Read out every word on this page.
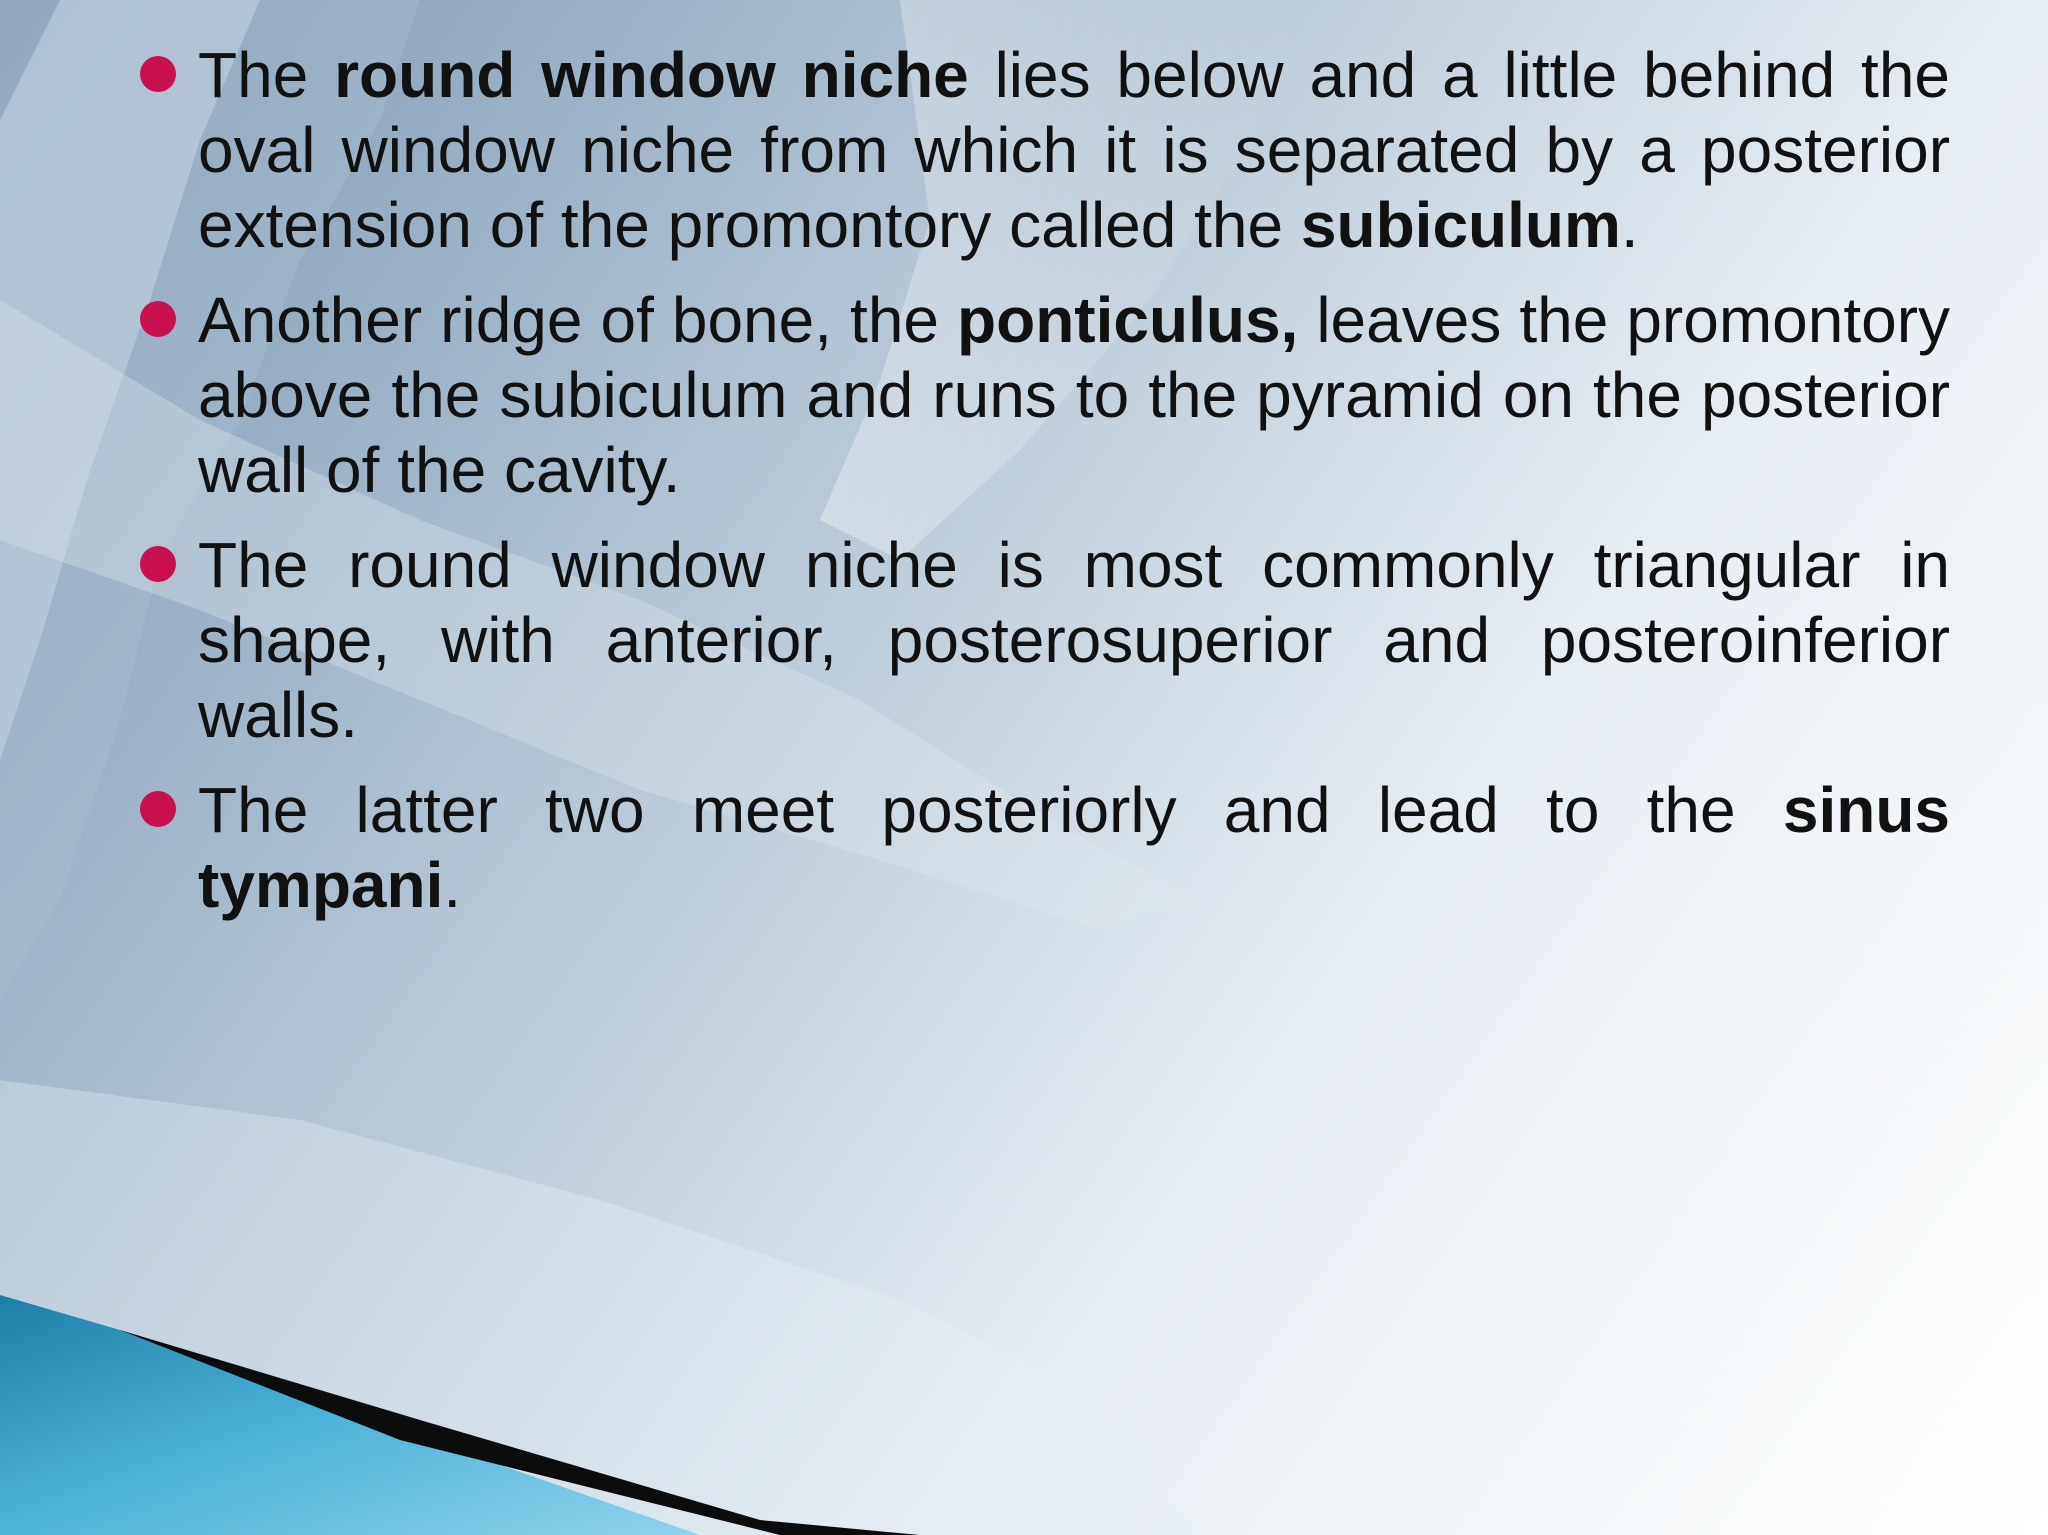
The round window niche lies below and a little behind the oval window niche from which it is separated by a posterior extension of the promontory called the subiculum.

Another ridge of bone, the ponticulus, leaves the promontory above the subiculum and runs to the pyramid on the posterior wall of the cavity.

The round window niche is most commonly triangular in shape, with anterior, posterosuperior and posteroinferior walls.

The latter two meet posteriorly and lead to the sinus tympani.
